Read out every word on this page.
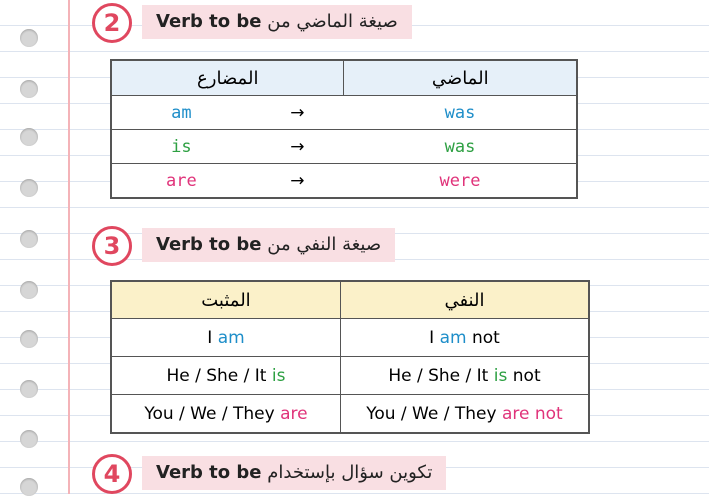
2	صيغة الماضي من Verb to be
المضارع		الماضي
am	→	was
is	→	was
are	→	were
3	صيغة النفي من Verb to be
المثبت	النفي
I am	I am not
He / She / It is	He / She / It is not
You / We / They are	You / We / They are not
4	تكوين سؤال بإستخدام Verb to be
